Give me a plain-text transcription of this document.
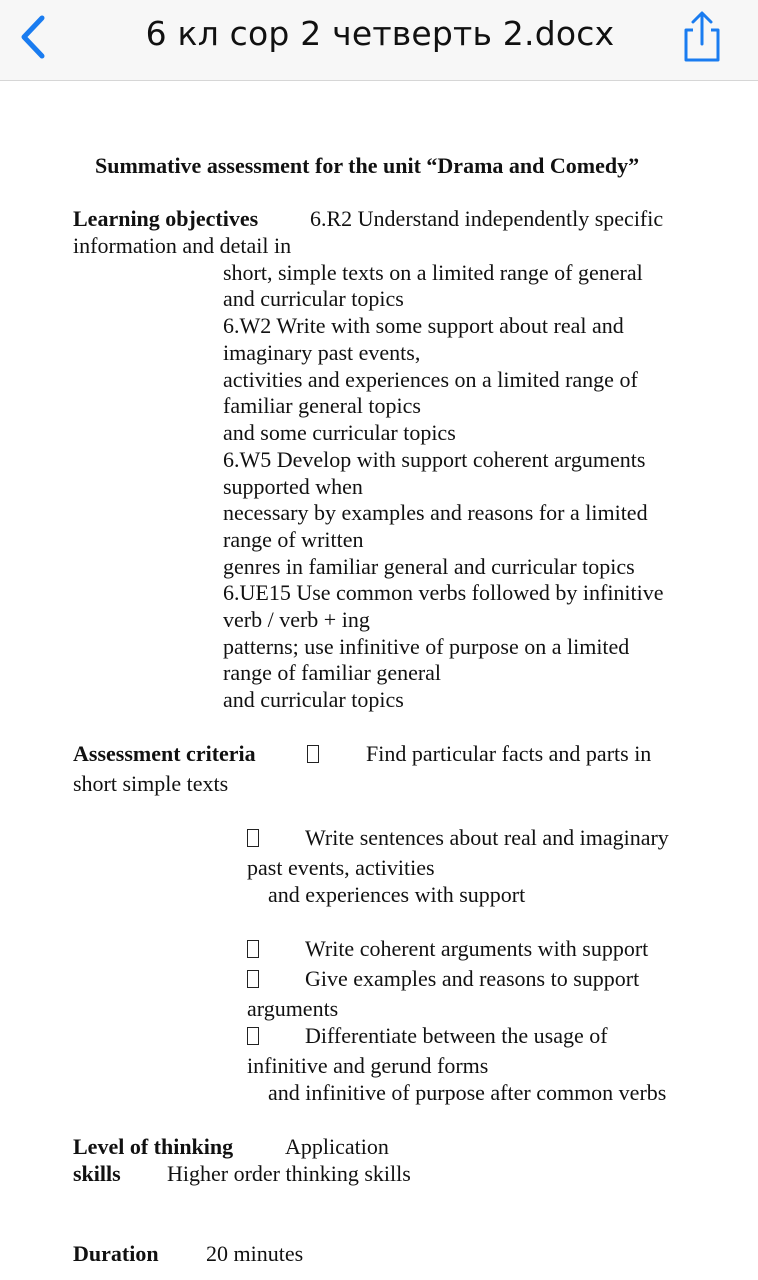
6 кл сор 2 четверть 2.docx
Summative assessment for the unit “Drama and Comedy”
Learning objectives 6.R2 Understand independently specific
information and detail in
short, simple texts on a limited range of general
and curricular topics
6.W2 Write with some support about real and
imaginary past events,
activities and experiences on a limited range of
familiar general topics
and some curricular topics
6.W5 Develop with support coherent arguments
supported when
necessary by examples and reasons for a limited
range of written
genres in familiar general and curricular topics
6.UE15 Use common verbs followed by infinitive
verb / verb + ing
patterns; use infinitive of purpose on a limited
range of familiar general
and curricular topics
Assessment criteria	Find particular facts and parts in
short simple texts
Write sentences about real and imaginary
past events, activities
and experiences with support
Write coherent arguments with support
Give examples and reasons to support
arguments
Differentiate between the usage of
infinitive and gerund forms
and infinitive of purpose after common verbs
Level of thinking Application
skills Higher order thinking skills
Duration 20 minutes
